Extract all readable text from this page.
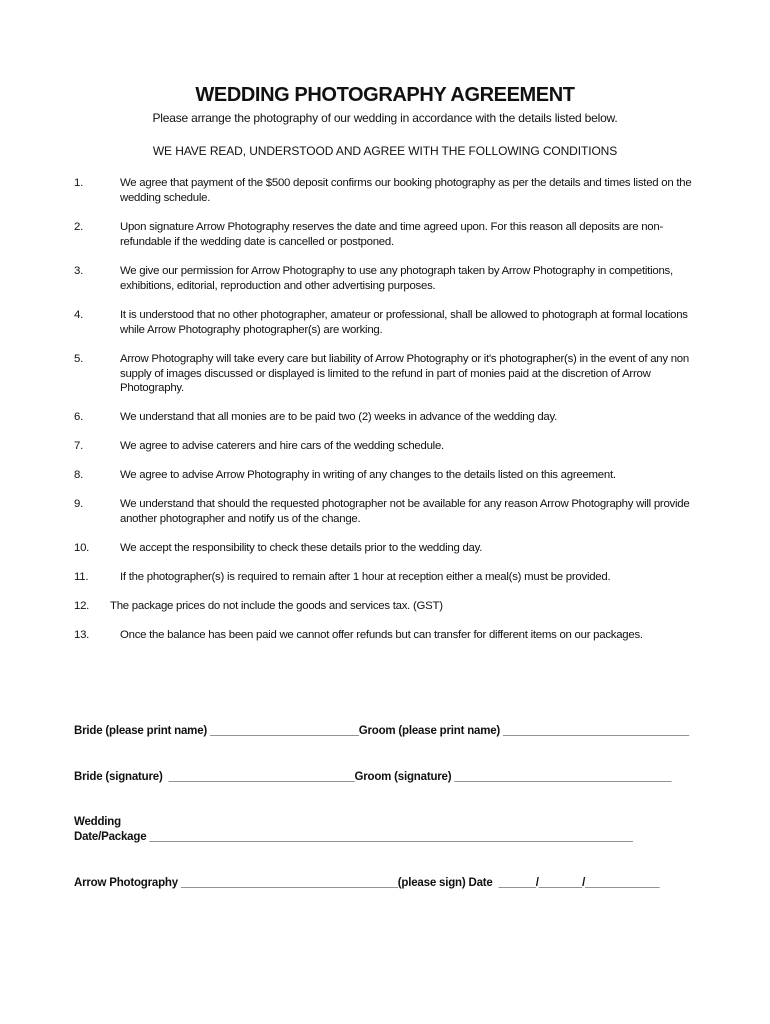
WEDDING PHOTOGRAPHY AGREEMENT
Please arrange the photography of our wedding in accordance with the details listed below.
WE HAVE READ, UNDERSTOOD AND AGREE WITH THE FOLLOWING CONDITIONS
1.	We agree that payment of the $500 deposit confirms our booking photography as per the details and times listed on the wedding schedule.
2.	Upon signature Arrow Photography reserves the date and time agreed upon. For this reason all deposits are non-refundable if the wedding date is cancelled or postponed.
3.	We give our permission for Arrow Photography to use any photograph taken by Arrow Photography in competitions, exhibitions, editorial, reproduction and other advertising purposes.
4.	It is understood that no other photographer, amateur or professional, shall be allowed to photograph at formal locations while Arrow Photography photographer(s) are working.
5.	Arrow Photography will take every care but liability of Arrow Photography or it's photographer(s) in the event of any non supply of images discussed or displayed is limited to the refund in part of monies paid at the discretion of Arrow Photography.
6.	We understand that all monies are to be paid two (2) weeks in advance of the wedding day.
7.	We agree to advise caterers and hire cars of the wedding schedule.
8.	We agree to advise Arrow Photography in writing of any changes to the details listed on this agreement.
9.	We understand that should the requested photographer not be available for any reason Arrow Photography will provide another photographer and notify us of the change.
10.	We accept the responsibility to check these details prior to the wedding day.
11.	If the photographer(s) is required to remain after 1 hour at reception either a meal(s) must be provided.
12. The package prices do not include the goods and services tax. (GST)
13.	Once the balance has been paid we cannot offer refunds but can transfer for different items on our packages.
Bride (please print name) ________________________Groom (please print name) ______________________________
Bride (signature)  ______________________________Groom (signature) ___________________________________
Wedding
Date/Package ______________________________________________________________________________
Arrow Photography ___________________________________(please sign) Date  ______/_______/____________
